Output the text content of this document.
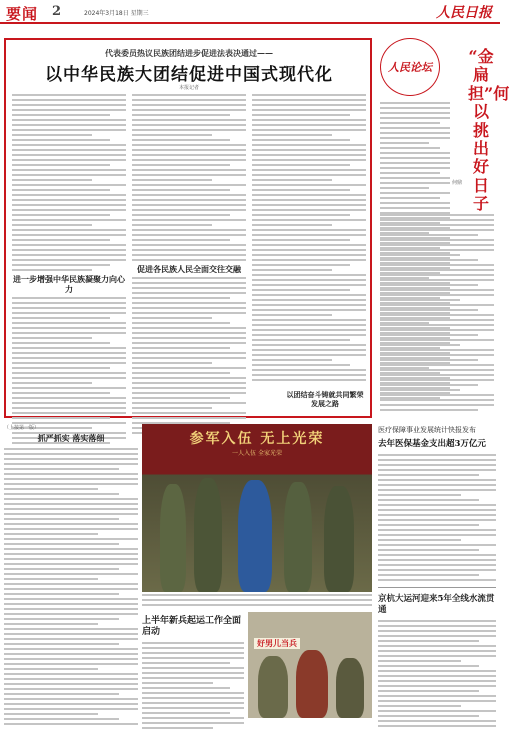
要闻 2	2024年3月18日 星期三	人民日报
代表委员热议民族团结进步促进法表决通过——
以中华民族大团结促进中国式现代化
本报记者
进一步增强中华民族凝聚力向心力
促进各民族人民全面交往交融
以团结奋斗铸就共同繁荣发展之路
人民论坛
“金扁担”何以挑出好日子
何鼎
（上接第一版）
抓严抓实 落实落细	参军入伍 无上光荣
一人入伍 全家光荣
上半年新兵起运工作全面启动
好男儿当兵
医疗保障事业发展统计快报发布
去年医保基金支出超3万亿元
京杭大运河迎来5年全线水流贯通
